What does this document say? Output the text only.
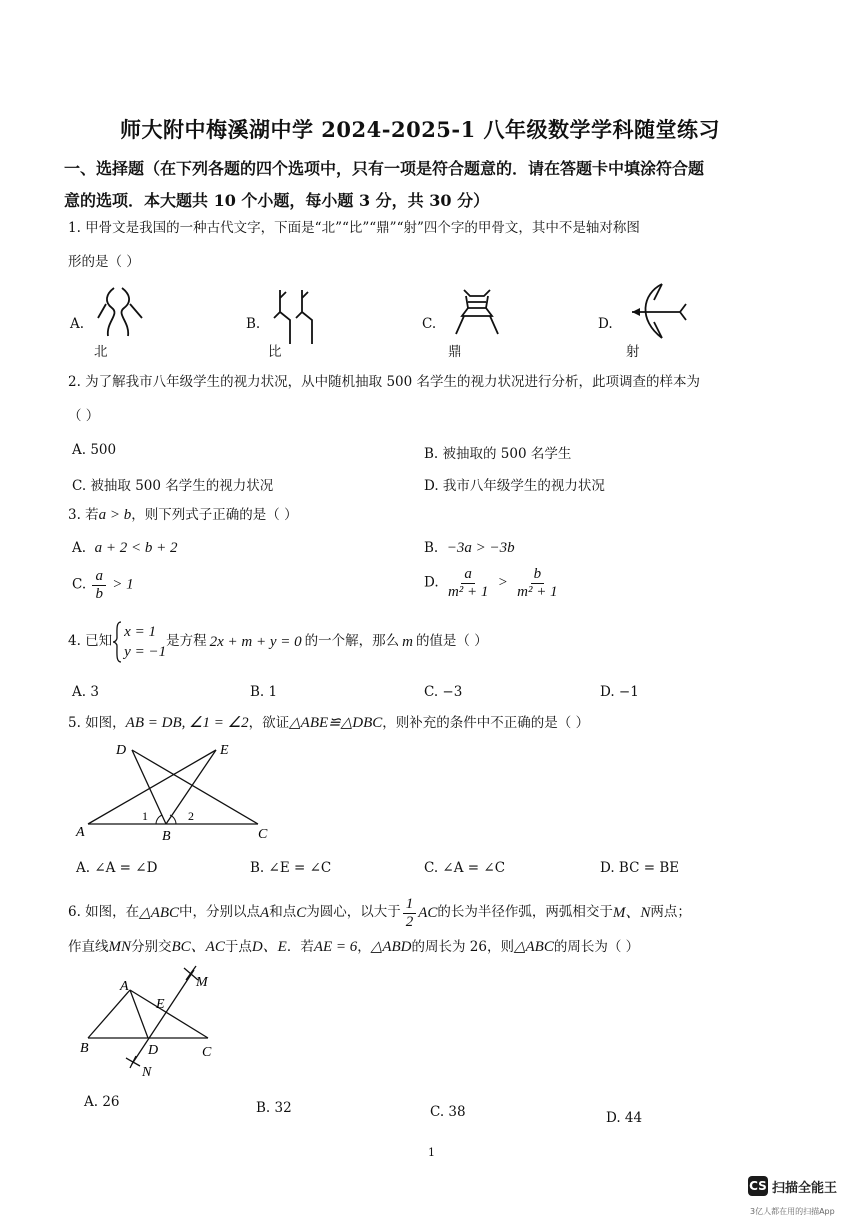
师大附中梅溪湖中学 2024-2025-1 八年级数学学科随堂练习
一、选择题（在下列各题的四个选项中，只有一项是符合题意的．请在答题卡中填涂符合题
意的选项．本大题共 10 个小题，每小题 3 分，共 30 分）
1. 甲骨文是我国的一种古代文字，下面是“北”“比”“鼎”“射”四个字的甲骨文，其中不是轴对称图
形的是（ ）
A.
北
B.
比
C.
鼎
D.
射
2. 为了解我市八年级学生的视力状况，从中随机抽取 500 名学生的视力状况进行分析，此项调查的样本为
（ ）
A. 500	B. 被抽取的 500 名学生
C. 被抽取 500 名学生的视力状况	D. 我市八年级学生的视力状况
3. 若a > b，则下列式子正确的是（ ）
A. a + 2 < b + 2	B. −3a > −3b
C. $\frac{a}{b} > 1$	D. $\frac{a}{\text{m² + 1}} > \frac{b}{\text{m² + 1}}$
4. 已知
x = 1
y = −1
是方程 2x + m + y = 0 的一个解，那么 m 的值是（ ）
A. 3	B. 1	C. −3	D. −1
5. 如图，AB = DB, ∠1 = ∠2，欲证△ABE≌△DBC，则补充的条件中不正确的是（ ）
D	E
A	B	C
1	2
A. ∠A = ∠D	B. ∠E = ∠C	C. ∠A = ∠C	D. BC = BE
6. 如图，在 △ABC 中，分别以点 A 和点 C 为圆心，以大于 $\frac{1}{2}$ AC 的长为半径作弧，两弧相交于 M、N 两点；
作直线MN分别交BC、AC于点D、E．若AE = 6，△ABD的周长为 26，则△ABC的周长为（ ）
A
B	C
D
E
M
N
A. 26	B. 32	C. 38	D. 44
1
CS 扫描全能王
3亿人都在用的扫描App
